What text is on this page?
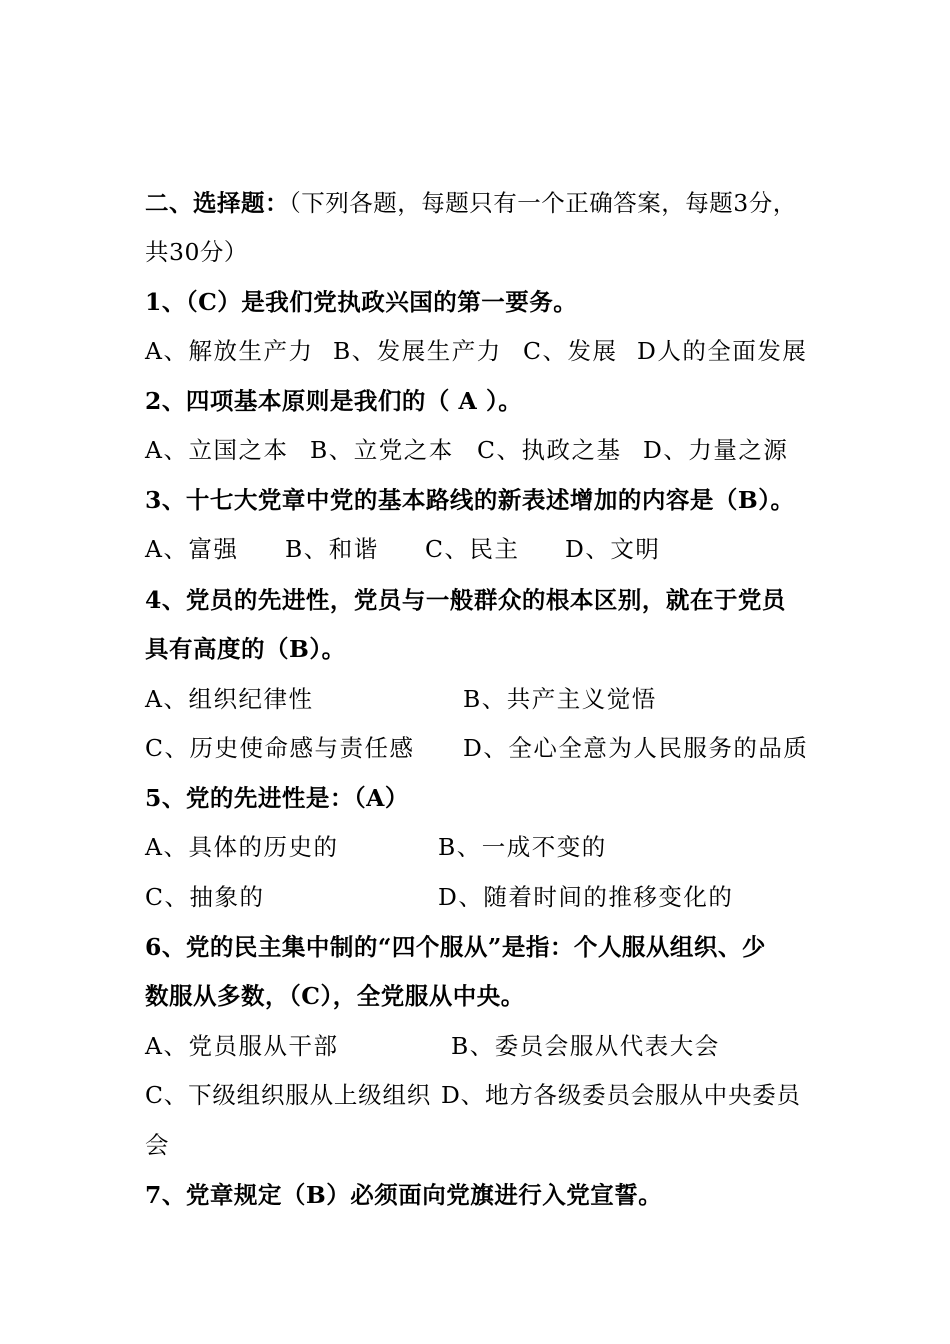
二、选择题：（下列各题，每题只有一个正确答案，每题3分，
共30分）
1、（C）是我们党执政兴国的第一要务。

A、解放生产力

B、发展生产力

C、发展

D人的全面发展

2、四项基本原则是我们的（ A ）。

A、立国之本

B、立党之本

C、执政之基

D、力量之源

3、十七大党章中党的基本路线的新表述增加的内容是（B）。

A、富强

B、和谐

C、民主

D、文明

4、党员的先进性，党员与一般群众的根本区别，就在于党员
具有高度的（B）。

A、组织纪律性

	B、共产主义觉悟

C、历史使命感与责任感

D、全心全意为人民服务的品质

5、党的先进性是：（A）

A、具体的历史的

	B、一成不变的

C、抽象的

	D、随着时间的推移变化的

6、党的民主集中制的“四个服从”是指：个人服从组织、少
数服从多数，（C），全党服从中央。

A、党员服从干部

	B、委员会服从代表大会

C、下级组织服从上级组织

D、地方各级委员会服从中央委员

会
7、党章规定（B）必须面向党旗进行入党宣誓。
